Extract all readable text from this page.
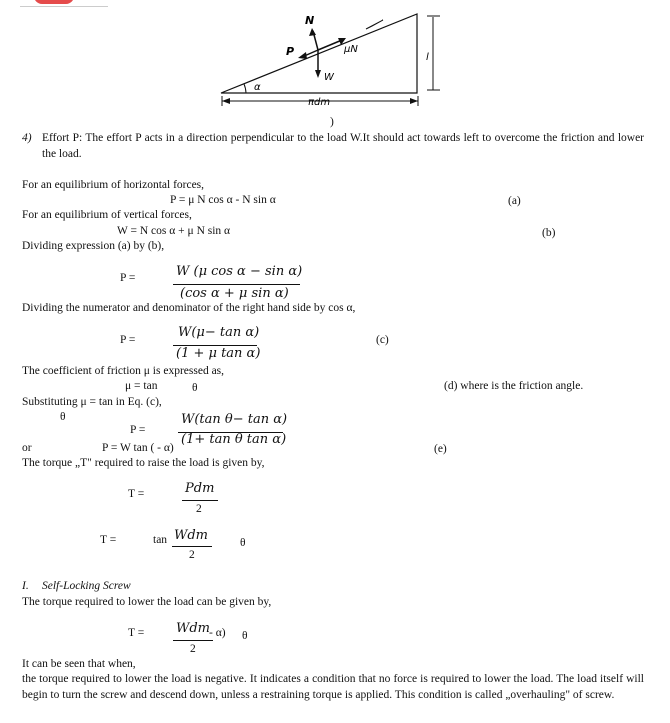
N
P	μN
W
α
l
πdm
)
4) Effort P: The effort P acts in a direction perpendicular to the load W.It should act towards left to overcome the friction and lower the load.
For an equilibrium of horizontal forces,
P = μ N cos α - N sin α	(a)
For an equilibrium of vertical forces,
W = N cos α + μ N sin α	(b)
Dividing expression (a) by (b),
P =	W (μ cos α − sin α)
(cos α + μ sin α)
Dividing the numerator and denominator of the right hand side by cos α,
P =	W(μ− tan α)
(1 + μ tan α)
(c)
The coefficient of friction μ is expressed as,
μ = tan	θ	(d) where is the friction angle.
Substituting μ = tan in Eq. (c),
θ	W(tan θ− tan α)
P =
(1+ tan θ tan α)
or	P = W tan ( - α)	(e)
The torque „T" required to raise the load is given by,
T =	Pdm
2
T =	tan Wdm
2
θ
I. Self-Locking Screw
The torque required to lower the load can be given by,
T = Wdm
- α)
2
θ
It can be seen that when,
the torque required to lower the load is negative. It indicates a condition that no force is required to lower the load. The load itself will begin to turn the screw and descend down, unless a restraining torque is applied. This condition is called „overhauling" of screw.
